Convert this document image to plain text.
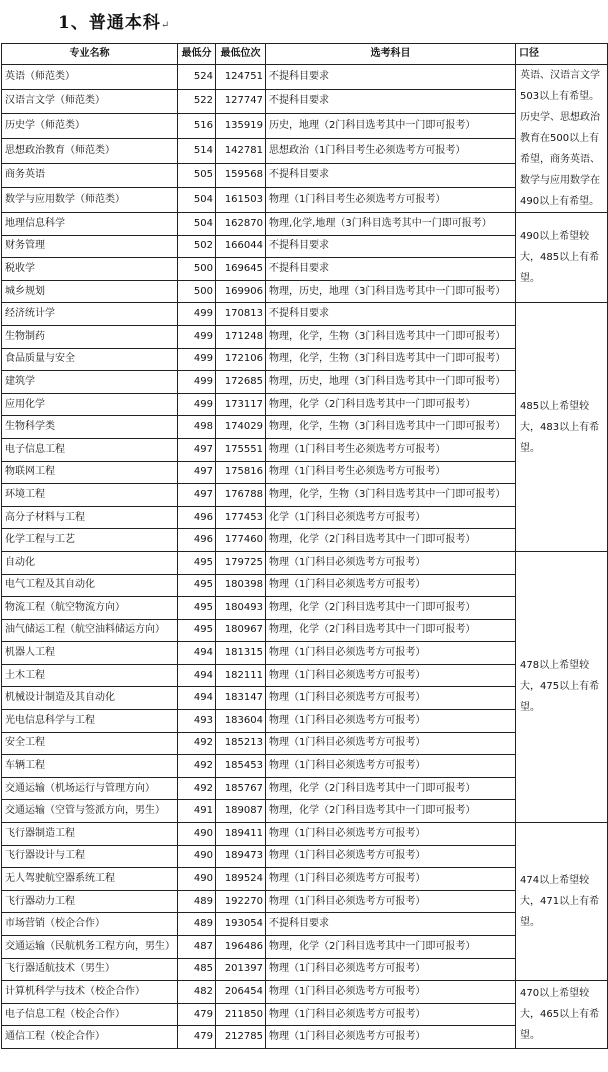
1、普通本科↵
专业名称	最低分	最低位次	选考科目	口径
英语（师范类）	524	124751	不提科目要求	英语、汉语言文学503以上有希望。历史学、思想政治教育在500以上有希望，商务英语、数学与应用数学在490以上有希望。
汉语言文学（师范类）	522	127747	不提科目要求	
历史学（师范类）	516	135919	历史，地理（2门科目选考其中一门即可报考）	
思想政治教育（师范类）	514	142781	思想政治（1门科目考生必须选考方可报考）	
商务英语	505	159568	不提科目要求	
数学与应用数学（师范类）	504	161503	物理（1门科目考生必须选考方可报考）	
地理信息科学	504	162870	物理,化学,地理（3门科目选考其中一门即可报考）	490以上希望较大，485以上有希望。
财务管理	502	166044	不提科目要求	
税收学	500	169645	不提科目要求	
城乡规划	500	169906	物理，历史，地理（3门科目选考其中一门即可报考）	
经济统计学	499	170813	不提科目要求	485以上希望较大，483以上有希望。
生物制药	499	171248	物理，化学，生物（3门科目选考其中一门即可报考）	
食品质量与安全	499	172106	物理，化学，生物（3门科目选考其中一门即可报考）	
建筑学	499	172685	物理，历史，地理（3门科目选考其中一门即可报考）	
应用化学	499	173117	物理，化学（2门科目选考其中一门即可报考）	
生物科学类	498	174029	物理，化学，生物（3门科目选考其中一门即可报考）	
电子信息工程	497	175551	物理（1门科目考生必须选考方可报考）	
物联网工程	497	175816	物理（1门科目考生必须选考方可报考）	
环境工程	497	176788	物理，化学，生物（3门科目选考其中一门即可报考）	
高分子材料与工程	496	177453	化学（1门科目必须选考方可报考）	
化学工程与工艺	496	177460	物理，化学（2门科目选考其中一门即可报考）	
自动化	495	179725	物理（1门科目必须选考方可报考）	478以上希望较大，475以上有希望。
电气工程及其自动化	495	180398	物理（1门科目必须选考方可报考）	
物流工程（航空物流方向）	495	180493	物理，化学（2门科目选考其中一门即可报考）	
油气储运工程（航空油料储运方向）	495	180967	物理，化学（2门科目选考其中一门即可报考）	
机器人工程	494	181315	物理（1门科目必须选考方可报考）	
土木工程	494	182111	物理（1门科目必须选考方可报考）	
机械设计制造及其自动化	494	183147	物理（1门科目必须选考方可报考）	
光电信息科学与工程	493	183604	物理（1门科目必须选考方可报考）	
安全工程	492	185213	物理（1门科目必须选考方可报考）	
车辆工程	492	185453	物理（1门科目必须选考方可报考）	
交通运输（机场运行与管理方向）	492	185767	物理，化学（2门科目选考其中一门即可报考）	
交通运输（空管与签派方向，男生）	491	189087	物理，化学（2门科目选考其中一门即可报考）	
飞行器制造工程	490	189411	物理（1门科目必须选考方可报考）	474以上希望较大，471以上有希望。
飞行器设计与工程	490	189473	物理（1门科目必须选考方可报考）	
无人驾驶航空器系统工程	490	189524	物理（1门科目必须选考方可报考）	
飞行器动力工程	489	192270	物理（1门科目必须选考方可报考）	
市场营销（校企合作）	489	193054	不提科目要求	
交通运输（民航机务工程方向，男生）	487	196486	物理，化学（2门科目选考其中一门即可报考）	
飞行器适航技术（男生）	485	201397	物理（1门科目必须选考方可报考）	
计算机科学与技术（校企合作）	482	206454	物理（1门科目必须选考方可报考）	470以上希望较大，465以上有希望。
电子信息工程（校企合作）	479	211850	物理（1门科目必须选考方可报考）	
通信工程（校企合作）	479	212785	物理（1门科目必须选考方可报考）	
